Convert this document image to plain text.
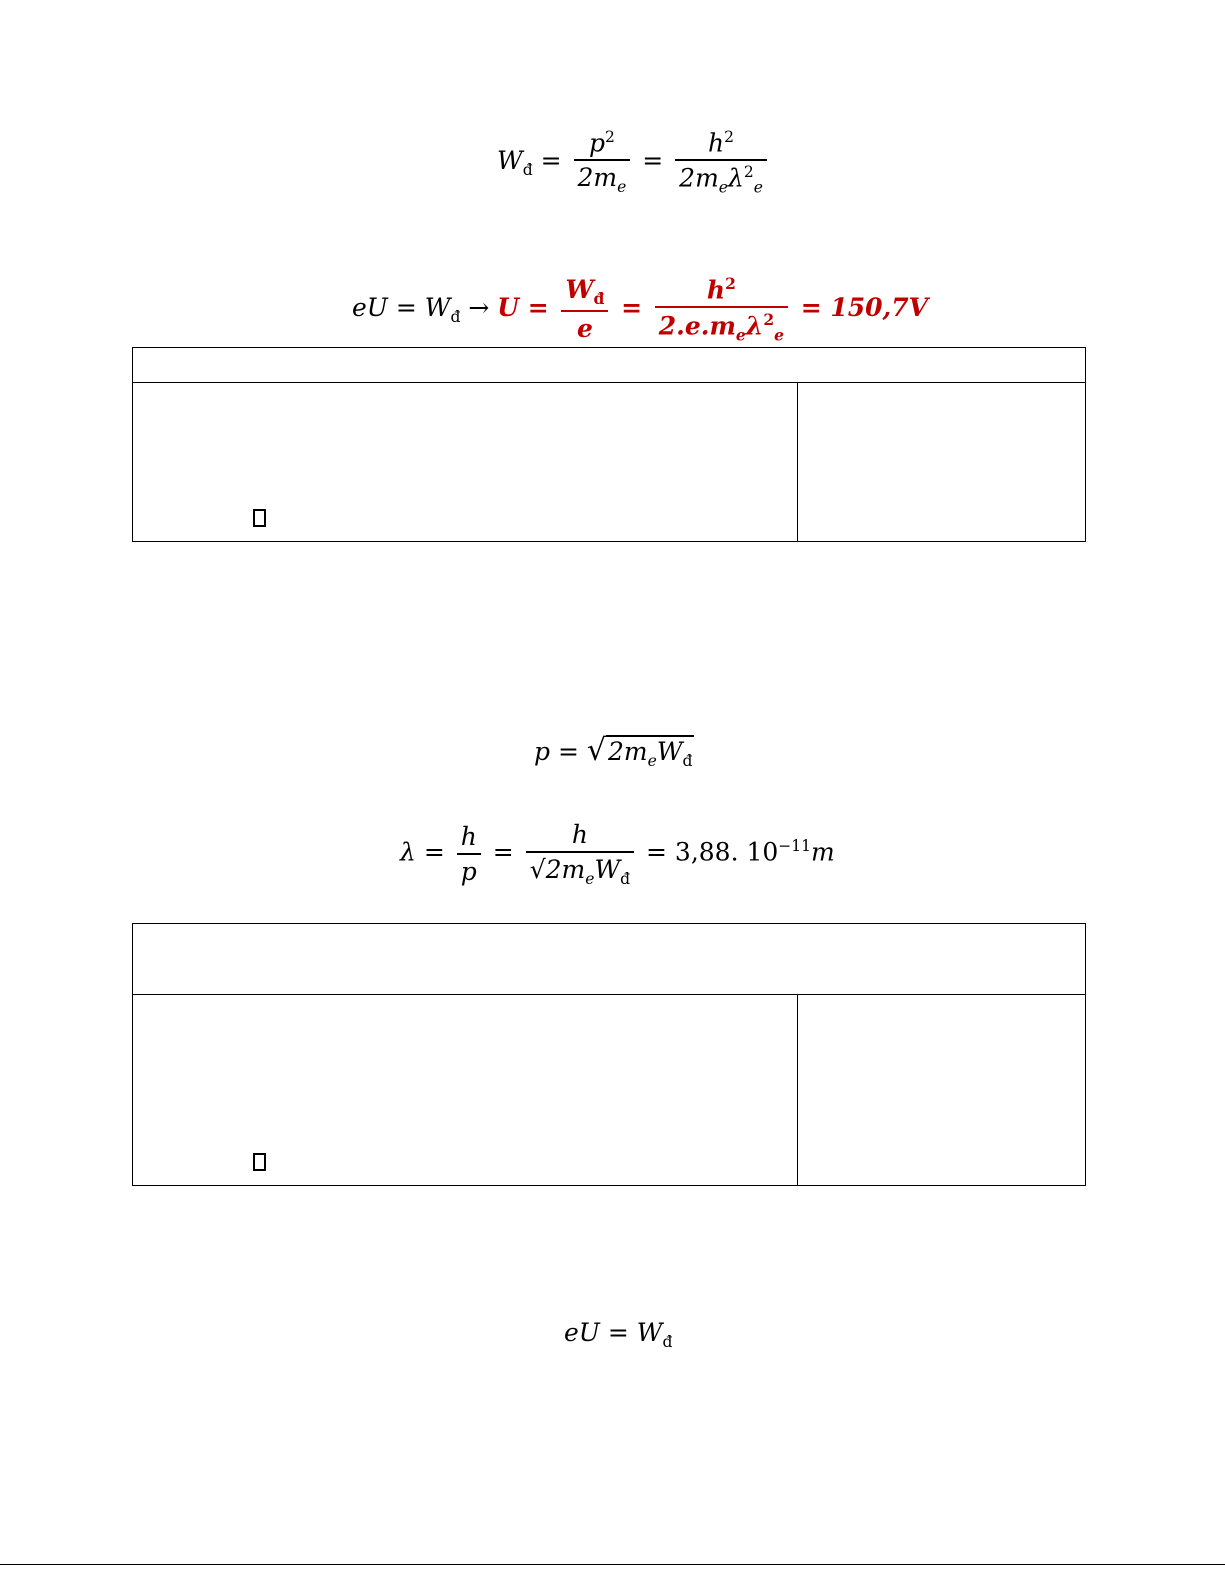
$W_đ = \frac{p^2}{2m_e} = \frac{h^2}{2m_e\lambda^2_e}$
eU = $W_đ \to U = \frac{W_đ}{e} = \frac{h^2}{2.e.m_e\lambda^2_e} = 150,7V$
$p = √2m_eW_đ$
$\lambda = \frac{h}{p} = \frac{h}{√2m_eW_đ} = 3,88$. $10^{-11}m$
eU = $W_đ$
